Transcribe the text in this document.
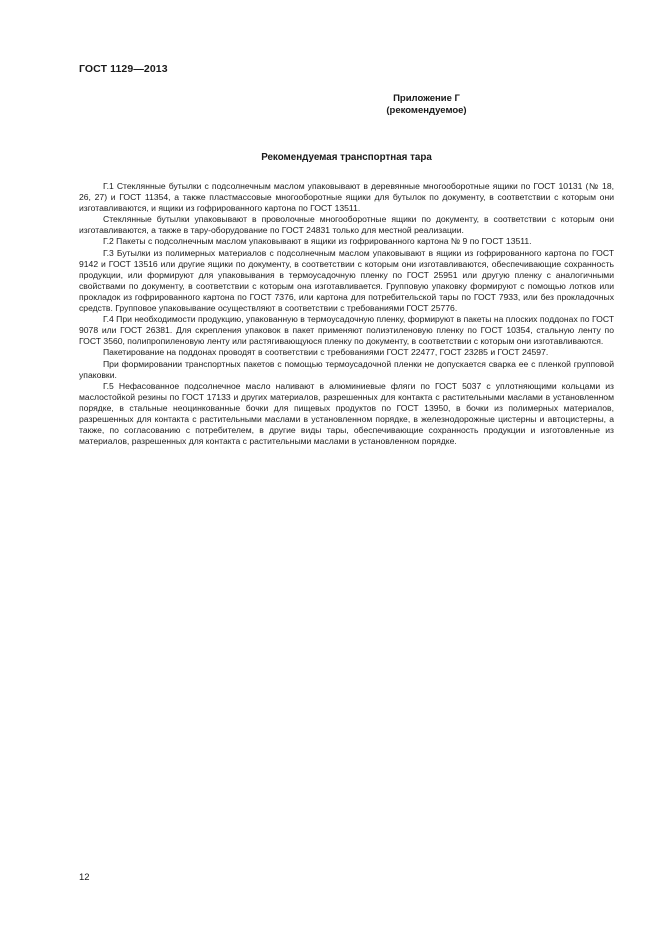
ГОСТ 1129—2013
Приложение Г
(рекомендуемое)
Рекомендуемая транспортная тара

Г.1 Стеклянные бутылки с подсолнечным маслом упаковывают в деревянные многооборотные ящики по ГОСТ 10131 (№ 18, 26, 27) и ГОСТ 11354, а также пластмассовые многооборотные ящики для бутылок по документу, в соответствии с которым они изготавливаются, и ящики из гофрированного картона по ГОСТ 13511.

Стеклянные бутылки упаковывают в проволочные многооборотные ящики по документу, в соответствии с которым они изготавливаются, а также в тару-оборудование по ГОСТ 24831 только для местной реализации.

Г.2 Пакеты с подсолнечным маслом упаковывают в ящики из гофрированного картона № 9 по ГОСТ 13511.

Г.3 Бутылки из полимерных материалов с подсолнечным маслом упаковывают в ящики из гофрированного картона по ГОСТ 9142 и ГОСТ 13516 или другие ящики по документу, в соответствии с которым они изготавливаются, обеспечивающие сохранность продукции, или формируют для упаковывания в термоусадочную пленку по ГОСТ 25951 или другую пленку с аналогичными свойствами по документу, в соответствии с которым она изготавливается. Групповую упаковку формируют с помощью лотков или прокладок из гофрированного картона по ГОСТ 7376, или картона для потребительской тары по ГОСТ 7933, или без прокладочных средств. Групповое упаковывание осуществляют в соответствии с требованиями ГОСТ 25776.

Г.4 При необходимости продукцию, упакованную в термоусадочную пленку, формируют в пакеты на плоских поддонах по ГОСТ 9078 или ГОСТ 26381. Для скрепления упаковок в пакет применяют полиэтиленовую пленку по ГОСТ 10354, стальную ленту по ГОСТ 3560, полипропиленовую ленту или растягивающуюся пленку по документу, в соответствии с которым они изготавливаются.

Пакетирование на поддонах проводят в соответствии с требованиями ГОСТ 22477, ГОСТ 23285 и ГОСТ 24597.

При формировании транспортных пакетов с помощью термоусадочной пленки не допускается сварка ее с пленкой групповой упаковки.

Г.5 Нефасованное подсолнечное масло наливают в алюминиевые фляги по ГОСТ 5037 с уплотняющими кольцами из маслостойкой резины по ГОСТ 17133 и других материалов, разрешенных для контакта с растительными маслами в установленном порядке, в стальные неоцинкованные бочки для пищевых продуктов по ГОСТ 13950, в бочки из полимерных материалов, разрешенных для контакта с растительными маслами в установленном порядке, в железнодорожные цистерны и автоцистерны, а также, по согласованию с потребителем, в другие виды тары, обеспечивающие сохранность продукции и изготовленные из материалов, разрешенных для контакта с растительными маслами в установленном порядке.

12
